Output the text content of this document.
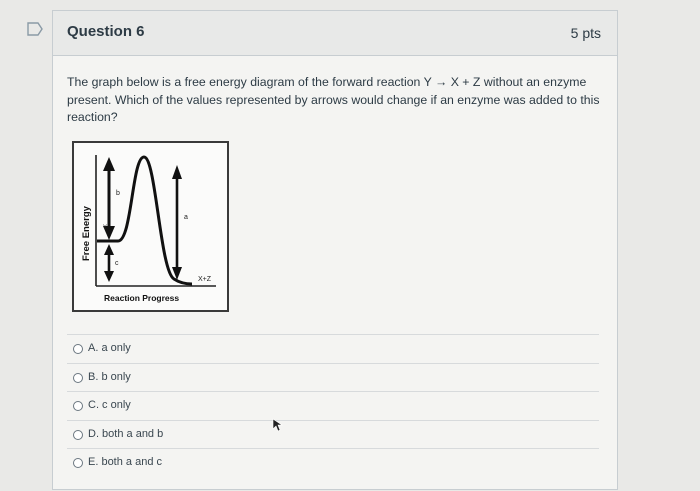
Question 6	5 pts

The graph below is a free energy diagram of the forward reaction Y → X + Z without an enzyme present. Which of the values represented by arrows would change if an enzyme was added to this reaction?

b
a
c
Y
X+Z
Free Energy
Reaction Progress
A. a only
B. b only
C. c only
D. both a and b
E. both a and c
